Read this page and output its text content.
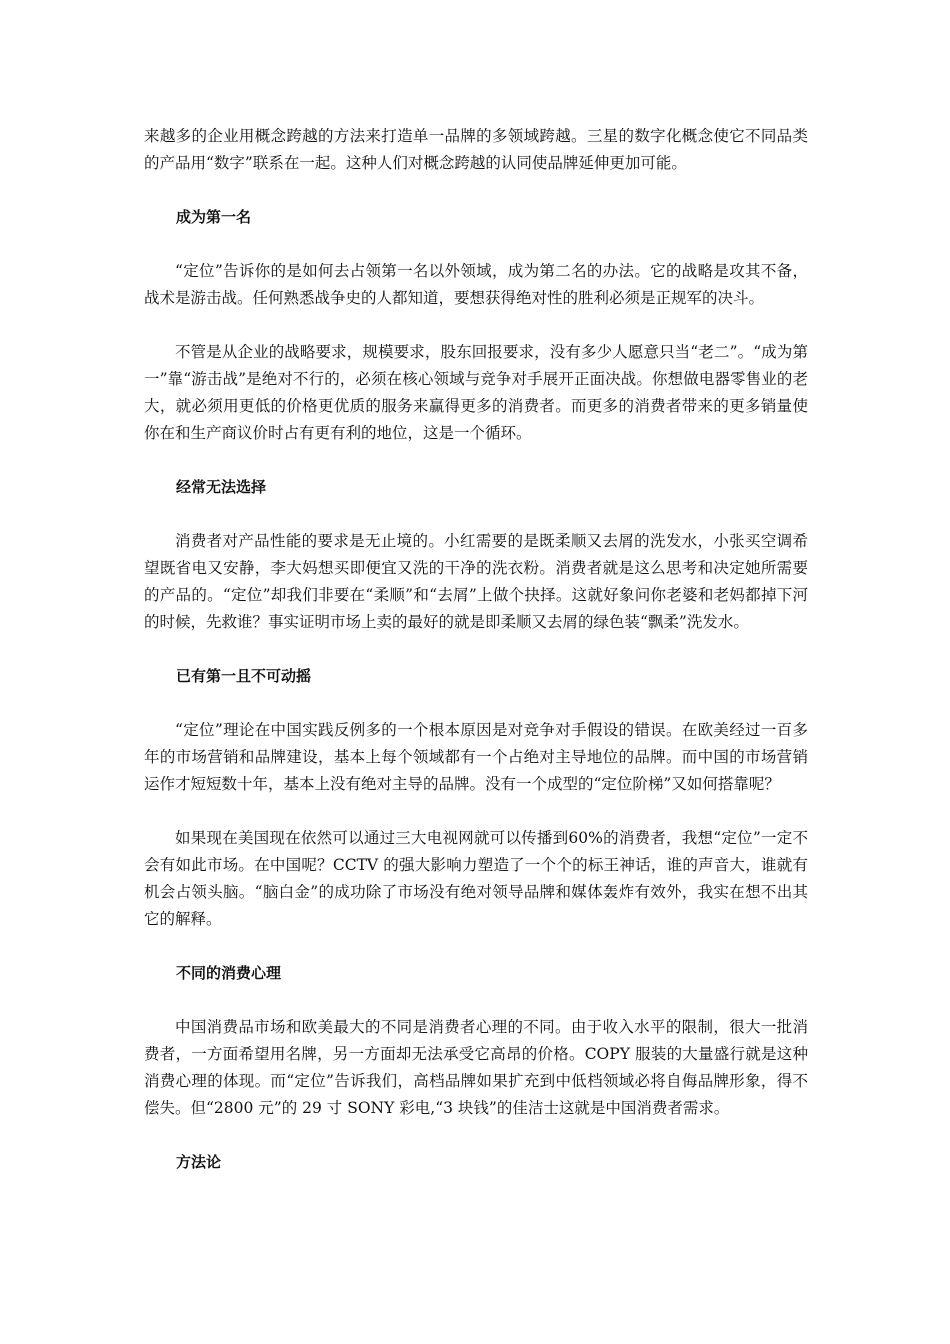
来越多的企业用概念跨越的方法来打造单一品牌的多领域跨越。三星的数字化概念使它不同品类的产品用“数字”联系在一起。这种人们对概念跨越的认同使品牌延伸更加可能。

成为第一名

“定位”告诉你的是如何去占领第一名以外领域，成为第二名的办法。它的战略是攻其不备，战术是游击战。任何熟悉战争史的人都知道，要想获得绝对性的胜利必须是正规军的决斗。

不管是从企业的战略要求，规模要求，股东回报要求，没有多少人愿意只当“老二”。“成为第一”靠“游击战”是绝对不行的，必须在核心领域与竞争对手展开正面决战。你想做电器零售业的老大，就必须用更低的价格更优质的服务来赢得更多的消费者。而更多的消费者带来的更多销量使你在和生产商议价时占有更有利的地位，这是一个循环。

经常无法选择

消费者对产品性能的要求是无止境的。小红需要的是既柔顺又去屑的洗发水，小张买空调希望既省电又安静，李大妈想买即便宜又洗的干净的洗衣粉。消费者就是这么思考和决定她所需要的产品的。“定位”却我们非要在“柔顺”和“去屑”上做个抉择。这就好象问你老婆和老妈都掉下河的时候，先救谁？事实证明市场上卖的最好的就是即柔顺又去屑的绿色装“飘柔”洗发水。

已有第一且不可动摇

“定位”理论在中国实践反例多的一个根本原因是对竞争对手假设的错误。在欧美经过一百多年的市场营销和品牌建设，基本上每个领域都有一个占绝对主导地位的品牌。而中国的市场营销运作才短短数十年，基本上没有绝对主导的品牌。没有一个成型的“定位阶梯”又如何搭靠呢？

如果现在美国现在依然可以通过三大电视网就可以传播到60%的消费者，我想“定位”一定不会有如此市场。在中国呢？CCTV 的强大影响力塑造了一个个的标王神话，谁的声音大，谁就有机会占领头脑。“脑白金”的成功除了市场没有绝对领导品牌和媒体轰炸有效外，我实在想不出其它的解释。

不同的消费心理

中国消费品市场和欧美最大的不同是消费者心理的不同。由于收入水平的限制，很大一批消费者，一方面希望用名牌，另一方面却无法承受它高昂的价格。COPY 服装的大量盛行就是这种消费心理的体现。而“定位”告诉我们，高档品牌如果扩充到中低档领域必将自侮品牌形象，得不偿失。但“2800 元”的 29 寸 SONY 彩电,“3 块钱”的佳洁士这就是中国消费者需求。

方法论
